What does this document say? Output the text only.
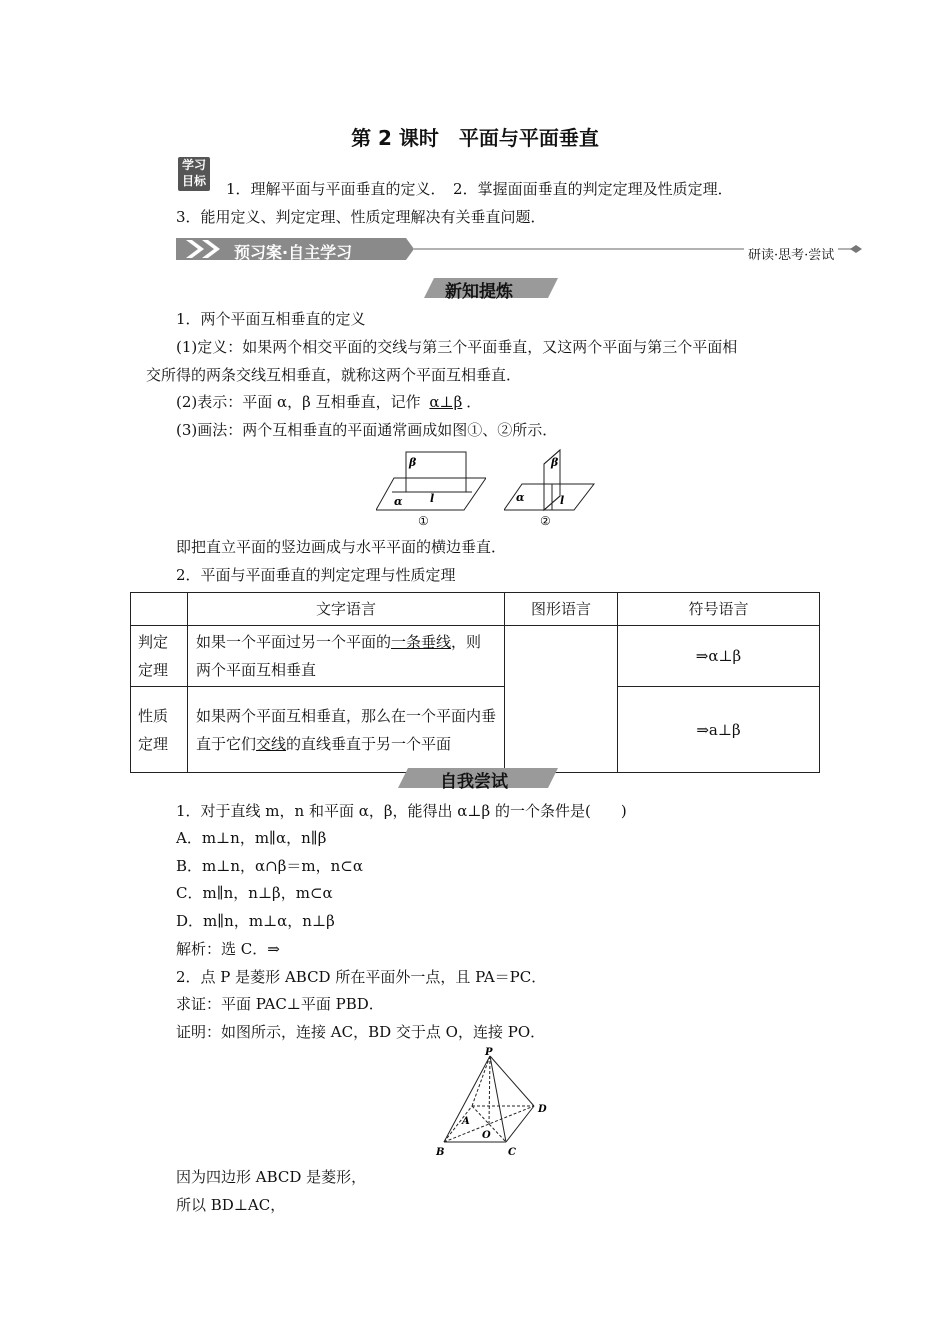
第 2 课时　平面与平面垂直
学习
目标 1．理解平面与平面垂直的定义．　2．掌握面面垂直的判定定理及性质定理．
3．能用定义、判定定理、性质定理解决有关垂直问题．
预习案·自主学习	研读·思考·尝试
新知提炼
1．两个平面互相垂直的定义
(1)定义：如果两个相交平面的交线与第三个平面垂直，又这两个平面与第三个平面相
交所得的两条交线互相垂直，就称这两个平面互相垂直．
(2)表示：平面 α，β 互相垂直，记作 α⊥β ．
(3)画法：两个互相垂直的平面通常画成如图①、②所示．
β
α	l
①
β
α	l
②
即把直立平面的竖边画成与水平平面的横边垂直．
2．平面与平面垂直的判定定理与性质定理
	文字语言	图形语言	符号语言

判定定理	如果一个平面过另一个平面的一条垂线，则两个平面互相垂直		⇒α⊥β

性质定理	如果两个平面互相垂直，那么在一个平面内垂直于它们交线的直线垂直于另一个平面		⇒a⊥β
自我尝试
1．对于直线 m，n 和平面 α，β，能得出 α⊥β 的一个条件是(　　)
A．m⊥n，m∥α，n∥β
B．m⊥n，α∩β＝m，n⊂α
C．m∥n，n⊥β，m⊂α
D．m∥n，m⊥α，n⊥β
解析：选 C．⇒
2．点 P 是菱形 ABCD 所在平面外一点，且 PA＝PC．
求证：平面 PAC⊥平面 PBD．
证明：如图所示，连接 AC，BD 交于点 O，连接 PO．
P
A
B	C
D
O
因为四边形 ABCD 是菱形，
所以 BD⊥AC，
